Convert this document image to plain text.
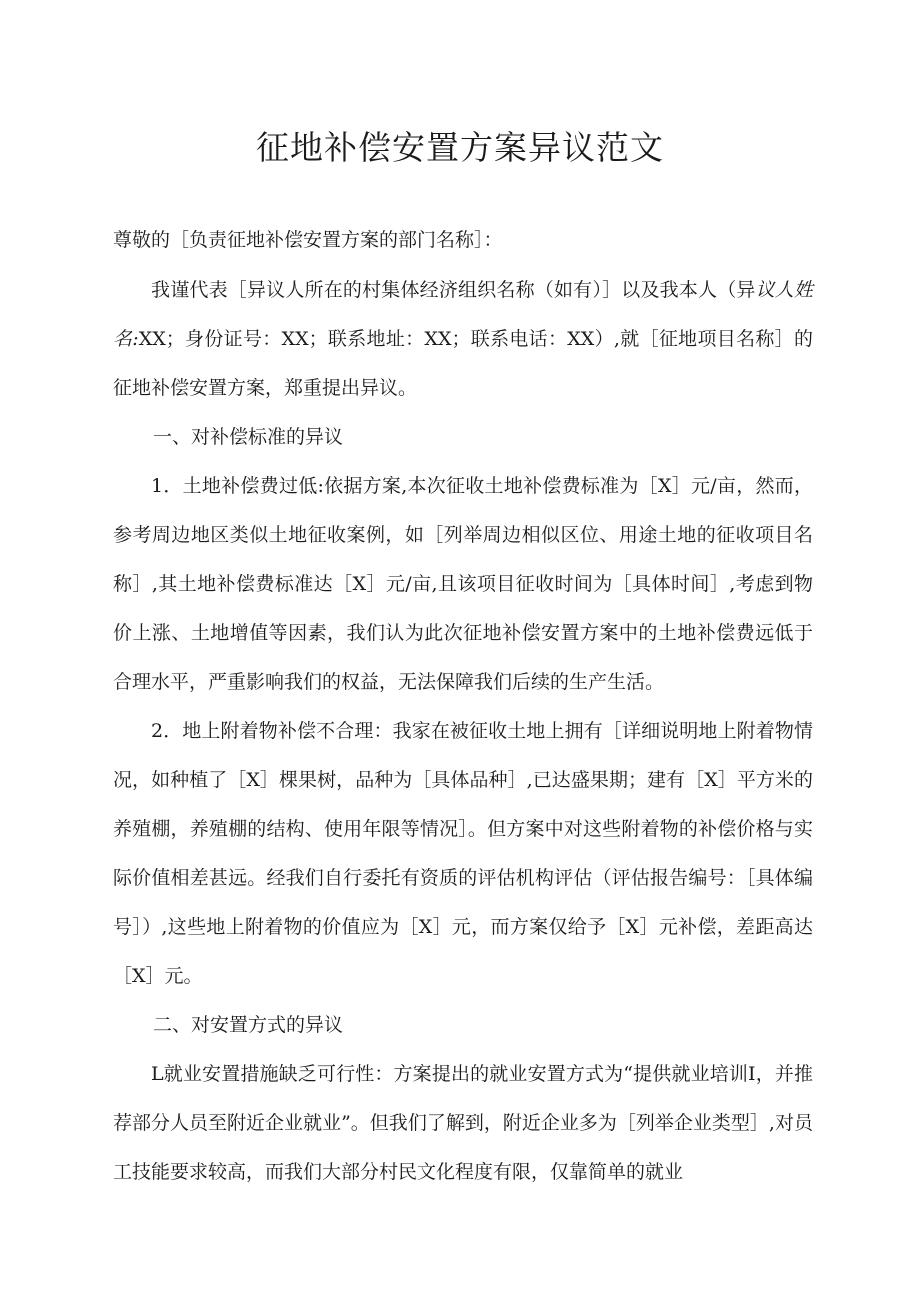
征地补偿安置方案异议范文

尊敬的［负责征地补偿安置方案的部门名称］：

我谨代表［异议人所在的村集体经济组织名称（如有）］以及我本人（异议人姓名:XX；身份证号：XX；联系地址：XX；联系电话：XX）,就［征地项目名称］的征地补偿安置方案，郑重提出异议。

一、对补偿标准的异议

1．土地补偿费过低:依据方案,本次征收土地补偿费标准为［X］元/亩，然而，参考周边地区类似土地征收案例，如［列举周边相似区位、用途土地的征收项目名称］,其土地补偿费标准达［X］元/亩,且该项目征收时间为［具体时间］,考虑到物价上涨、土地增值等因素，我们认为此次征地补偿安置方案中的土地补偿费远低于合理水平，严重影响我们的权益，无法保障我们后续的生产生活。

2．地上附着物补偿不合理：我家在被征收土地上拥有［详细说明地上附着物情况，如种植了［X］棵果树，品种为［具体品种］,已达盛果期；建有［X］平方米的养殖棚，养殖棚的结构、使用年限等情况］。但方案中对这些附着物的补偿价格与实际价值相差甚远。经我们自行委托有资质的评估机构评估（评估报告编号：［具体编号］）,这些地上附着物的价值应为［X］元，而方案仅给予［X］元补偿，差距高达［X］元。

二、对安置方式的异议

L就业安置措施缺乏可行性：方案提出的就业安置方式为“提供就业培训I，并推荐部分人员至附近企业就业”。但我们了解到，附近企业多为［列举企业类型］,对员工技能要求较高，而我们大部分村民文化程度有限，仅靠简单的就业
